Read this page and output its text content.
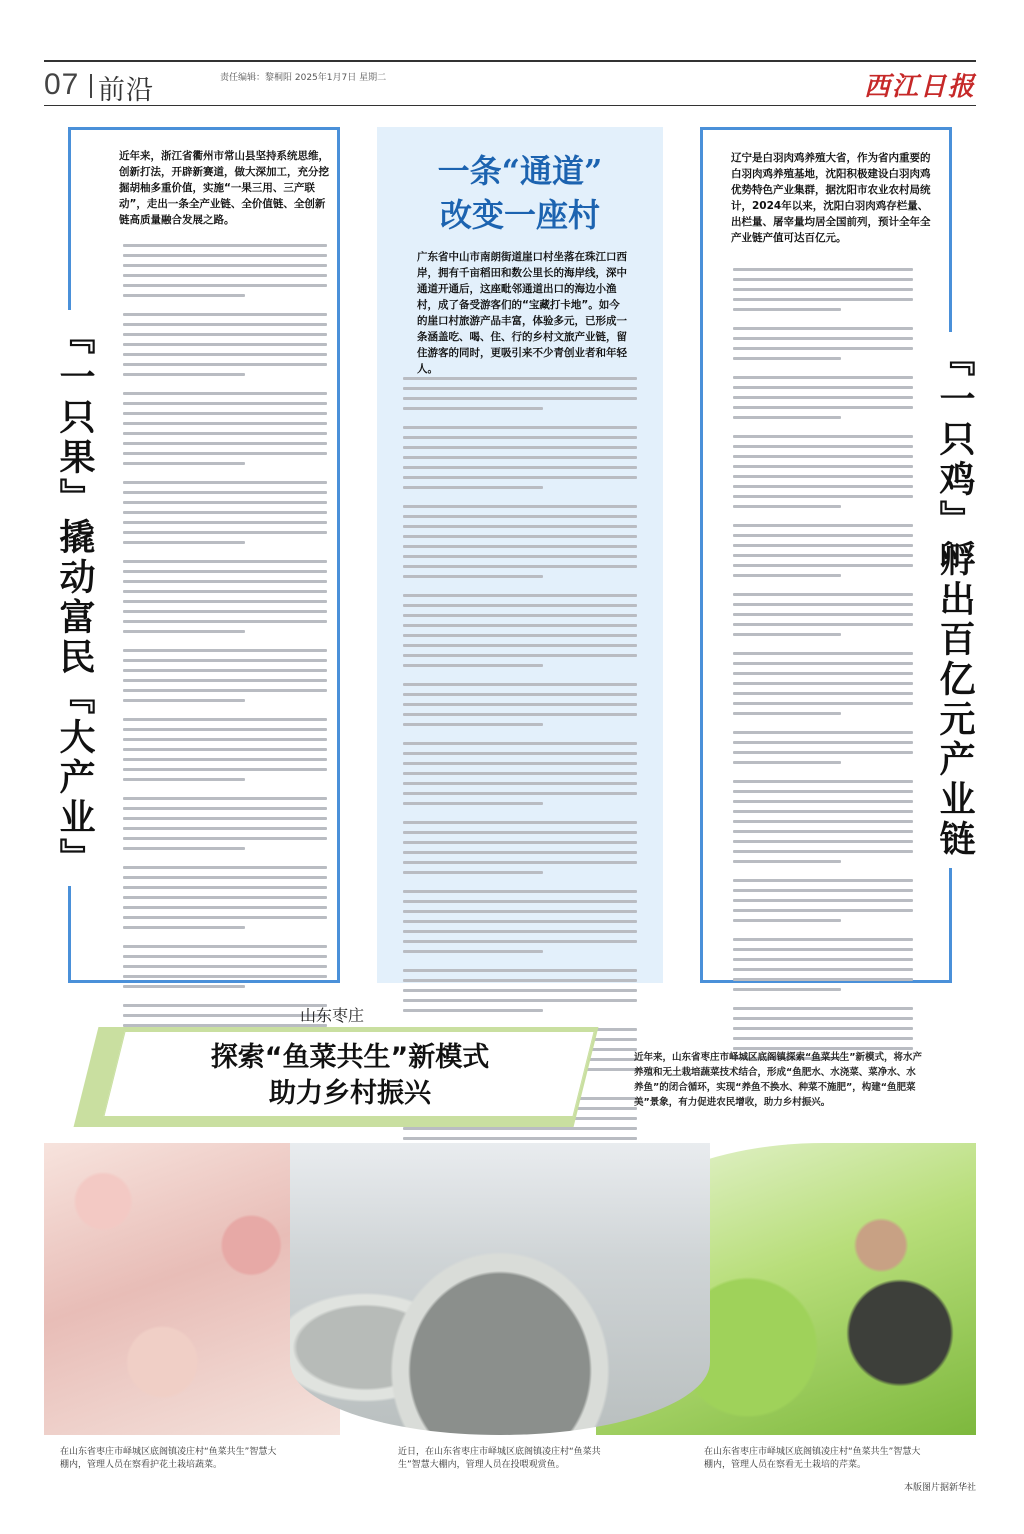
07 前沿	责任编辑：黎桐阳 2025年1月7日 星期二	西江日报
近年来，浙江省衢州市常山县坚持系统思维，创新打法，开辟新赛道，做大深加工，充分挖掘胡柚多重价值，实施“一果三用、三产联动”，走出一条全产业链、全价值链、全创新链高质量融合发展之路。
『一只果』撬动富民『大产业』
一条“通道”
改变一座村
广东省中山市南朗街道崖口村坐落在珠江口西岸，拥有千亩稻田和数公里长的海岸线，深中通道开通后，这座毗邻通道出口的海边小渔村，成了备受游客们的“宝藏打卡地”。如今的崖口村旅游产品丰富，体验多元，已形成一条涵盖吃、喝、住、行的乡村文旅产业链，留住游客的同时，更吸引来不少青创业者和年轻人。
辽宁是白羽肉鸡养殖大省，作为省内重要的白羽肉鸡养殖基地，沈阳积极建设白羽肉鸡优势特色产业集群，据沈阳市农业农村局统计，2024年以来，沈阳白羽肉鸡存栏量、出栏量、屠宰量均居全国前列，预计全年全产业链产值可达百亿元。
『一只鸡』孵出百亿元产业链
山东枣庄
探索“鱼菜共生”新模式
助力乡村振兴
近年来，山东省枣庄市峄城区底阁镇探索“鱼菜共生”新模式，将水产养殖和无土栽培蔬菜技术结合，形成“鱼肥水、水浇菜、菜净水、水养鱼”的闭合循环，实现“养鱼不换水、种菜不施肥”，构建“鱼肥菜美”景象，有力促进农民增收，助力乡村振兴。
在山东省枣庄市峄城区底阁镇凌庄村“鱼菜共生”智慧大棚内，管理人员在察看护花土栽培蔬菜。
近日，在山东省枣庄市峄城区底阁镇凌庄村“鱼菜共生”智慧大棚内，管理人员在投喂观赏鱼。
在山东省枣庄市峄城区底阁镇凌庄村“鱼菜共生”智慧大棚内，管理人员在察看无土栽培的芹菜。
本版图片据新华社
